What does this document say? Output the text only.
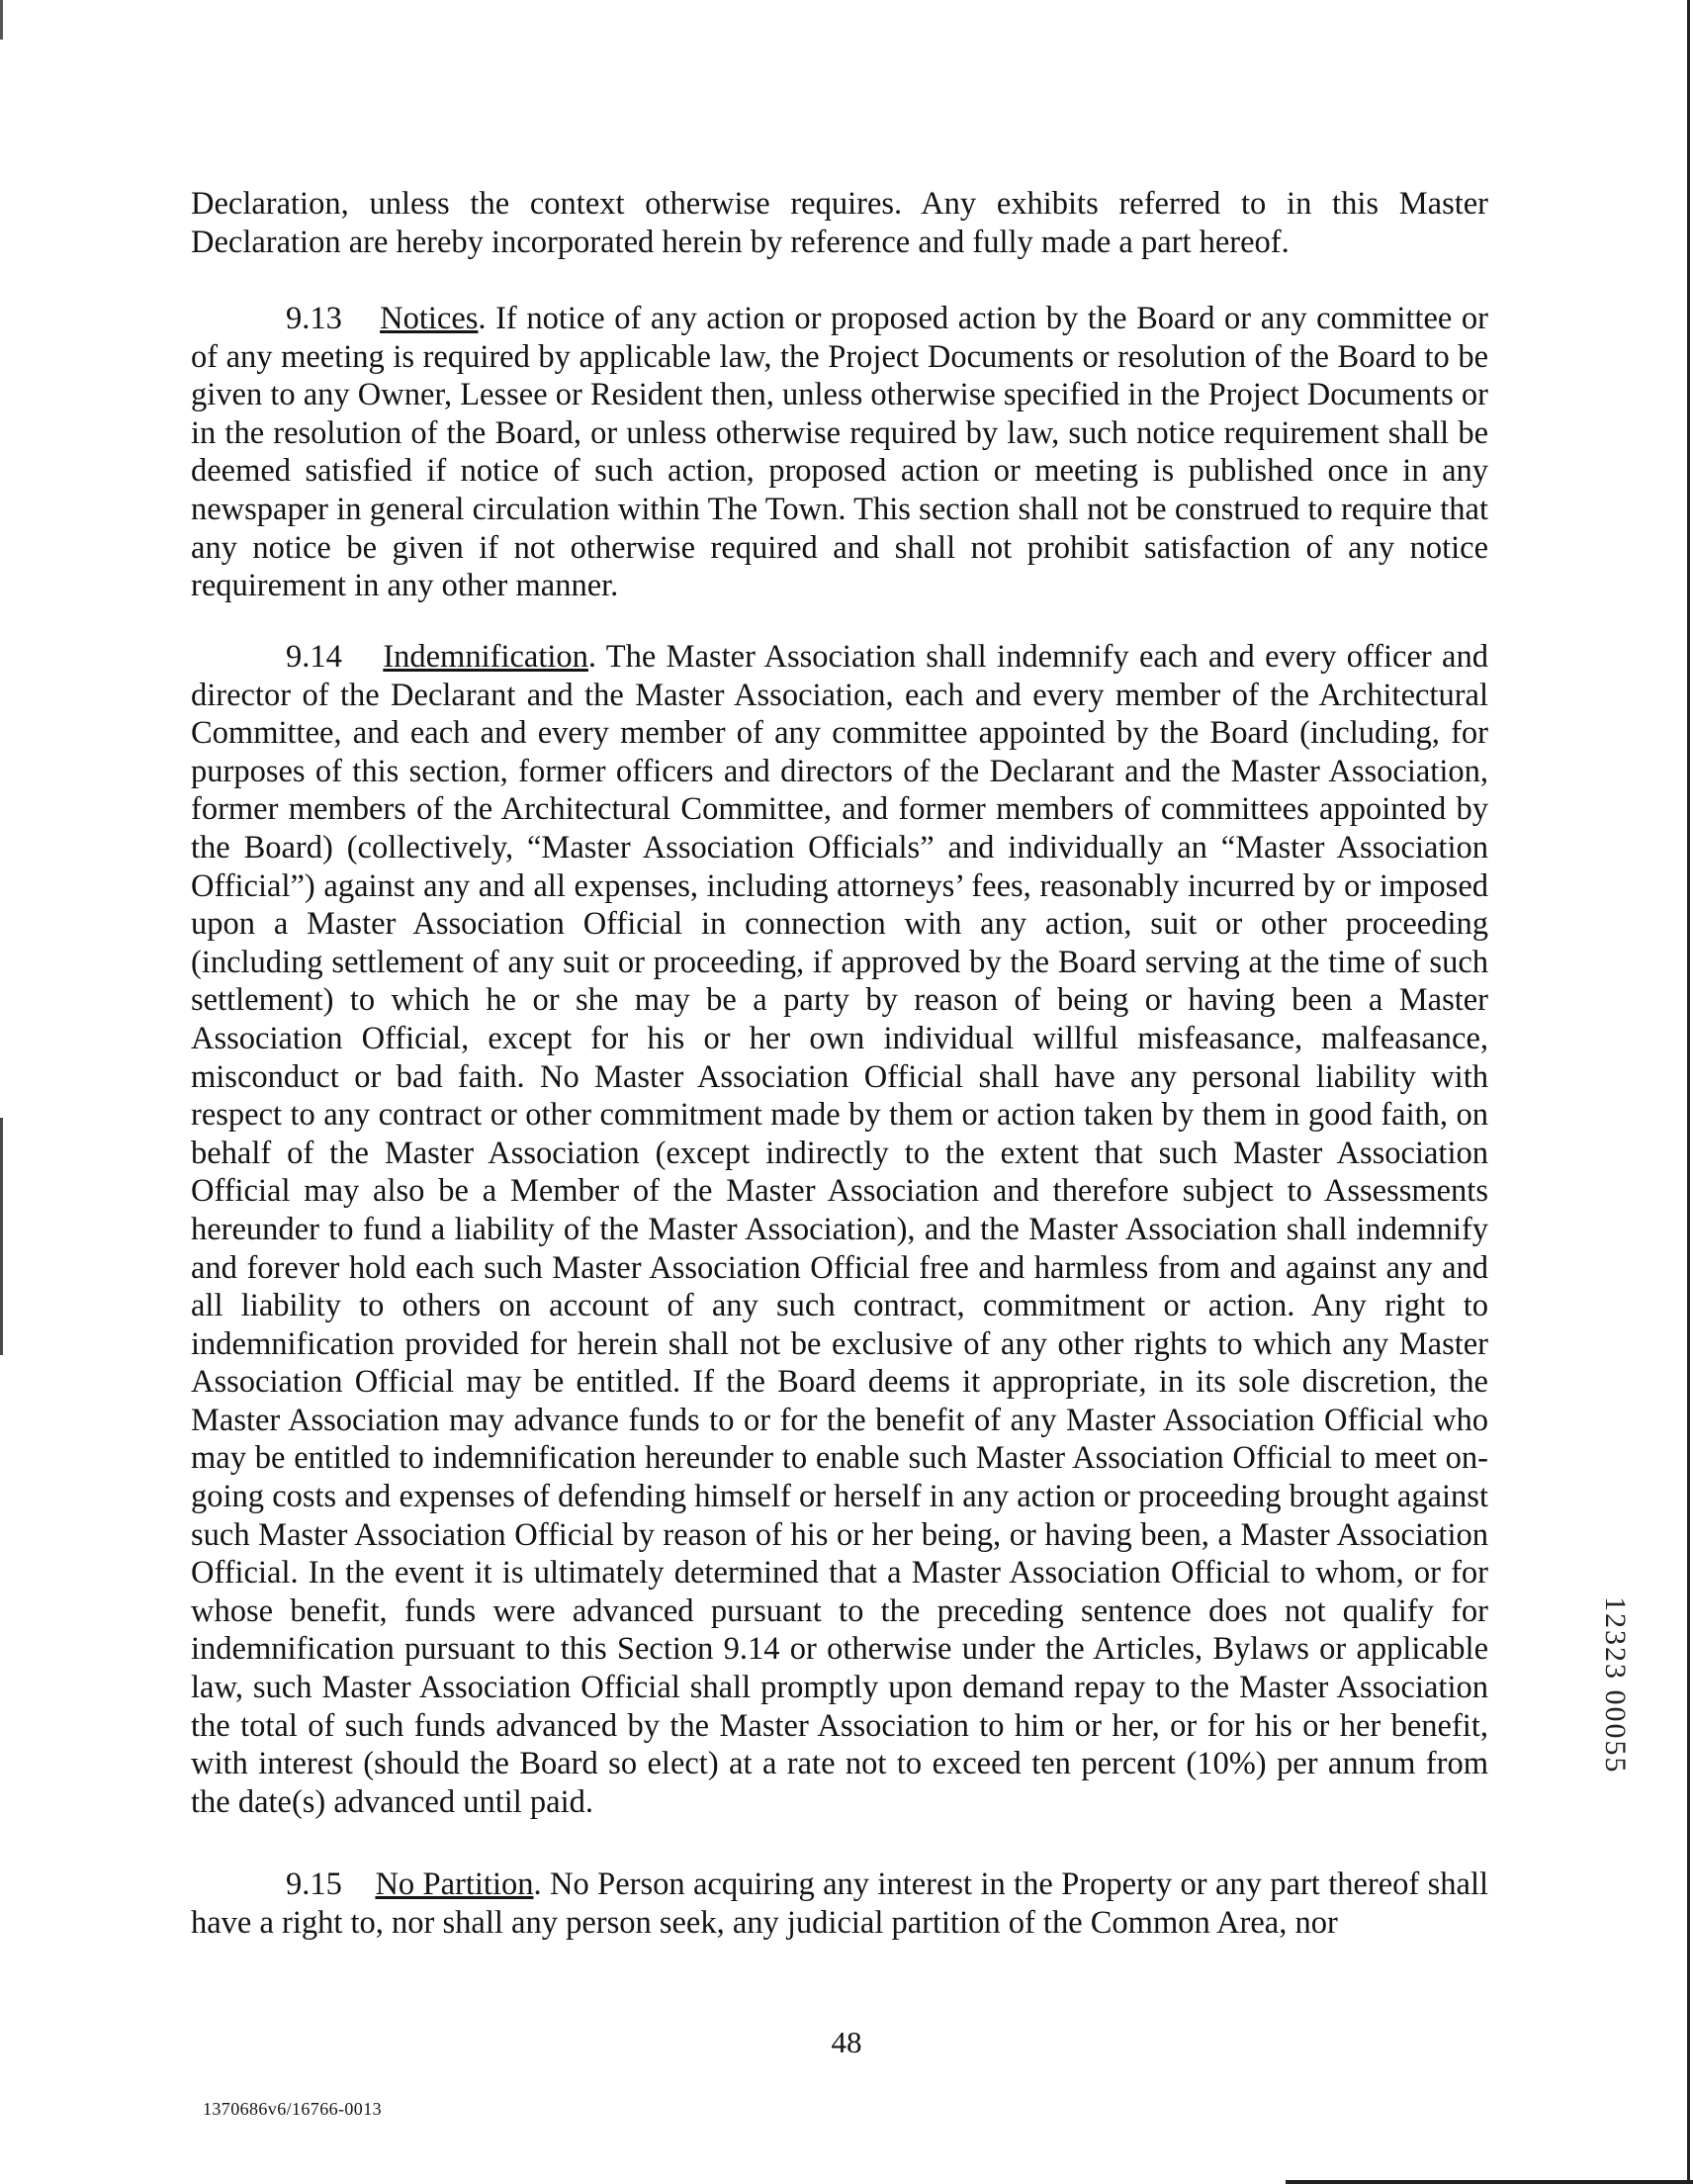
Declaration, unless the context otherwise requires. Any exhibits referred to in this Master Declaration are hereby incorporated herein by reference and fully made a part hereof.

9.13 Notices. If notice of any action or proposed action by the Board or any committee or of any meeting is required by applicable law, the Project Documents or resolution of the Board to be given to any Owner, Lessee or Resident then, unless otherwise specified in the Project Documents or in the resolution of the Board, or unless otherwise required by law, such notice requirement shall be deemed satisfied if notice of such action, proposed action or meeting is published once in any newspaper in general circulation within The Town. This section shall not be construed to require that any notice be given if not otherwise required and shall not prohibit satisfaction of any notice requirement in any other manner.

9.14 Indemnification. The Master Association shall indemnify each and every officer and director of the Declarant and the Master Association, each and every member of the Architectural Committee, and each and every member of any committee appointed by the Board (including, for purposes of this section, former officers and directors of the Declarant and the Master Association, former members of the Architectural Committee, and former members of committees appointed by the Board) (collectively, “Master Association Officials” and individually an “Master Association Official”) against any and all expenses, including attorneys’ fees, reasonably incurred by or imposed upon a Master Association Official in connection with any action, suit or other proceeding (including settlement of any suit or proceeding, if approved by the Board serving at the time of such settlement) to which he or she may be a party by reason of being or having been a Master Association Official, except for his or her own individual willful misfeasance, malfeasance, misconduct or bad faith. No Master Association Official shall have any personal liability with respect to any contract or other commitment made by them or action taken by them in good faith, on behalf of the Master Association (except indirectly to the extent that such Master Association Official may also be a Member of the Master Association and therefore subject to Assessments hereunder to fund a liability of the Master Association), and the Master Association shall indemnify and forever hold each such Master Association Official free and harmless from and against any and all liability to others on account of any such contract, commitment or action. Any right to indemnification provided for herein shall not be exclusive of any other rights to which any Master Association Official may be entitled. If the Board deems it appropriate, in its sole discretion, the Master Association may advance funds to or for the benefit of any Master Association Official who may be entitled to indemnification hereunder to enable such Master Association Official to meet on-going costs and expenses of defending himself or herself in any action or proceeding brought against such Master Association Official by reason of his or her being, or having been, a Master Association Official. In the event it is ultimately determined that a Master Association Official to whom, or for whose benefit, funds were advanced pursuant to the preceding sentence does not qualify for indemnification pursuant to this Section 9.14 or otherwise under the Articles, Bylaws or applicable law, such Master Association Official shall promptly upon demand repay to the Master Association the total of such funds advanced by the Master Association to him or her, or for his or her benefit, with interest (should the Board so elect) at a rate not to exceed ten percent (10%) per annum from the date(s) advanced until paid.

9.15 No Partition. No Person acquiring any interest in the Property or any part thereof shall have a right to, nor shall any person seek, any judicial partition of the Common Area, nor

48
1370686v6/16766-0013
12323 00055
